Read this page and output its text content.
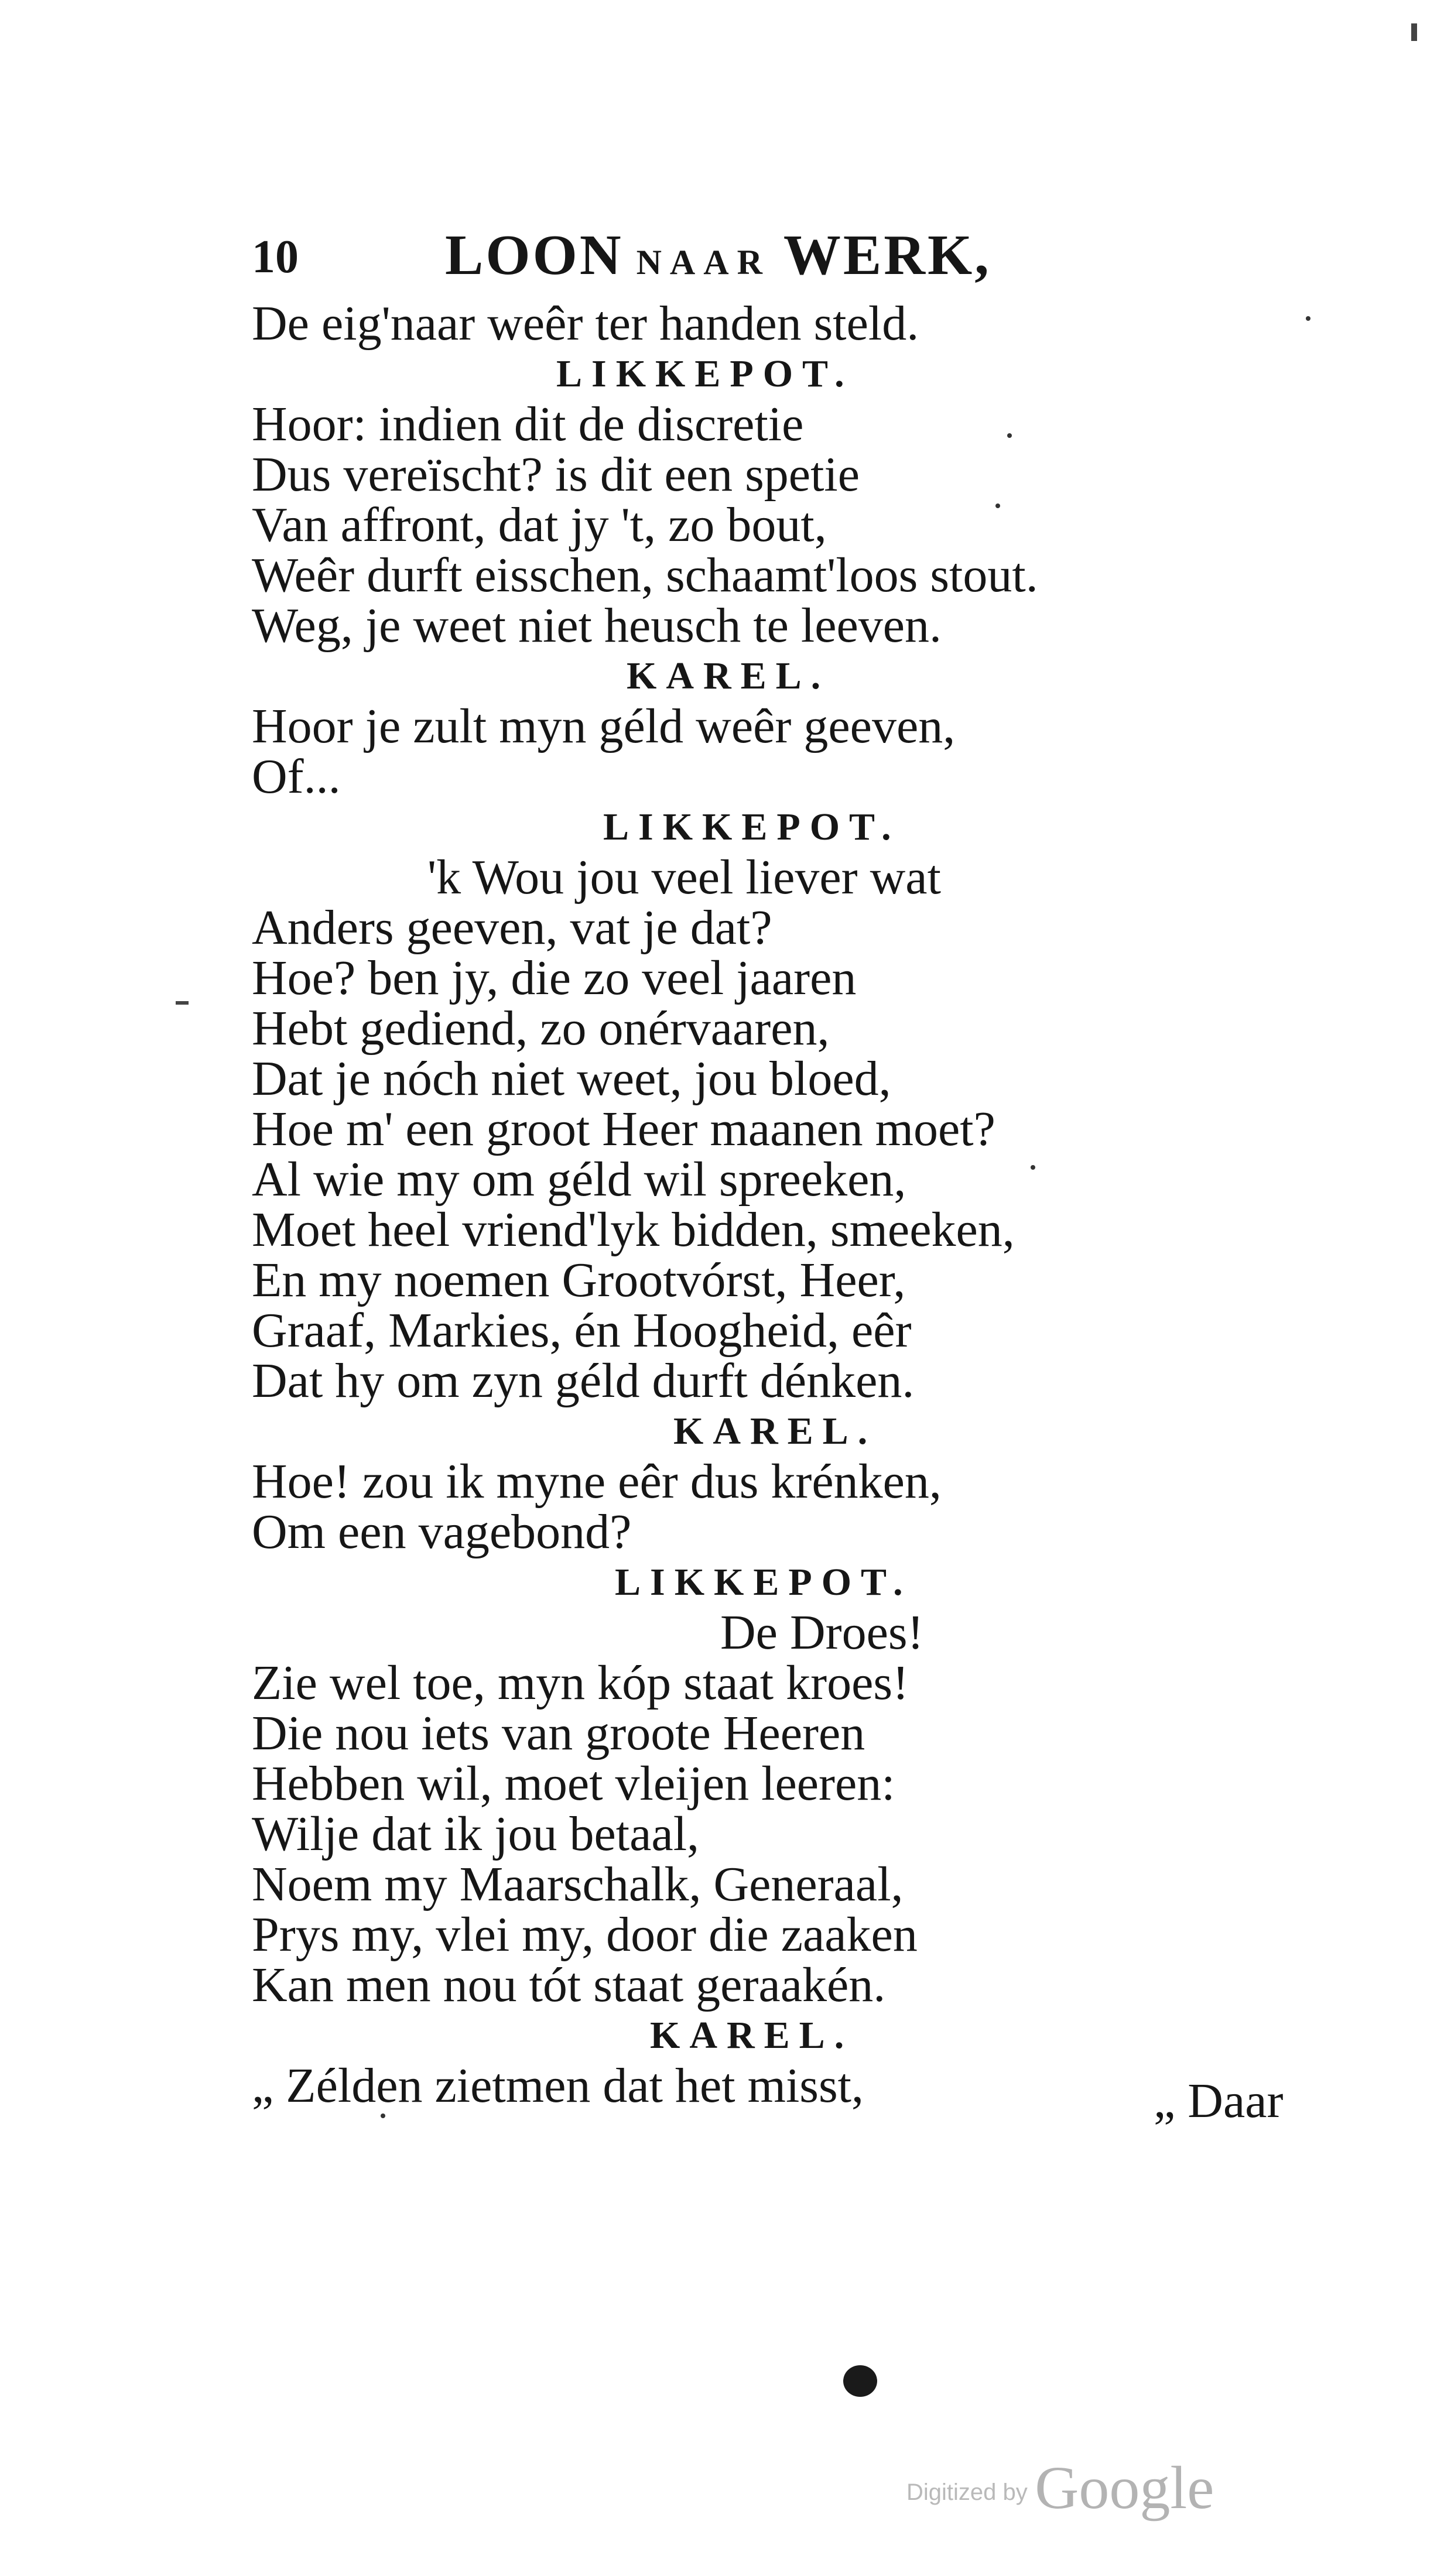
10	LOON NAAR WERK,
De eig'naar weêr ter handen steld.
LIKKEPOT.
Hoor: indien dit de discretie
Dus vereïscht? is dit een spetie
Van affront, dat jy 't, zo bout,
Weêr durft eisschen, schaamt'loos stout.
Weg, je weet niet heusch te leeven.
KAREL.
Hoor je zult myn géld weêr geeven,
Of...
LIKKEPOT.
'k Wou jou veel liever wat
Anders geeven, vat je dat?
Hoe? ben jy, die zo veel jaaren
Hebt gediend, zo onérvaaren,
Dat je nóch niet weet, jou bloed,
Hoe m' een groot Heer maanen moet?
Al wie my om géld wil spreeken,
Moet heel vriend'lyk bidden, smeeken,
En my noemen Grootvórst, Heer,
Graaf, Markies, én Hoogheid, eêr
Dat hy om zyn géld durft dénken.
KAREL.
Hoe! zou ik myne eêr dus krénken,
Om een vagebond?
LIKKEPOT.
De Droes!
Zie wel toe, myn kóp staat kroes!
Die nou iets van groote Heeren
Hebben wil, moet vleijen leeren:
Wilje dat ik jou betaal,
Noem my Maarschalk, Generaal,
Prys my, vlei my, door die zaaken
Kan men nou tót staat geraakén.
KAREL.
„ Zélden zietmen dat het misst,	„ Daar
Digitized by Google
